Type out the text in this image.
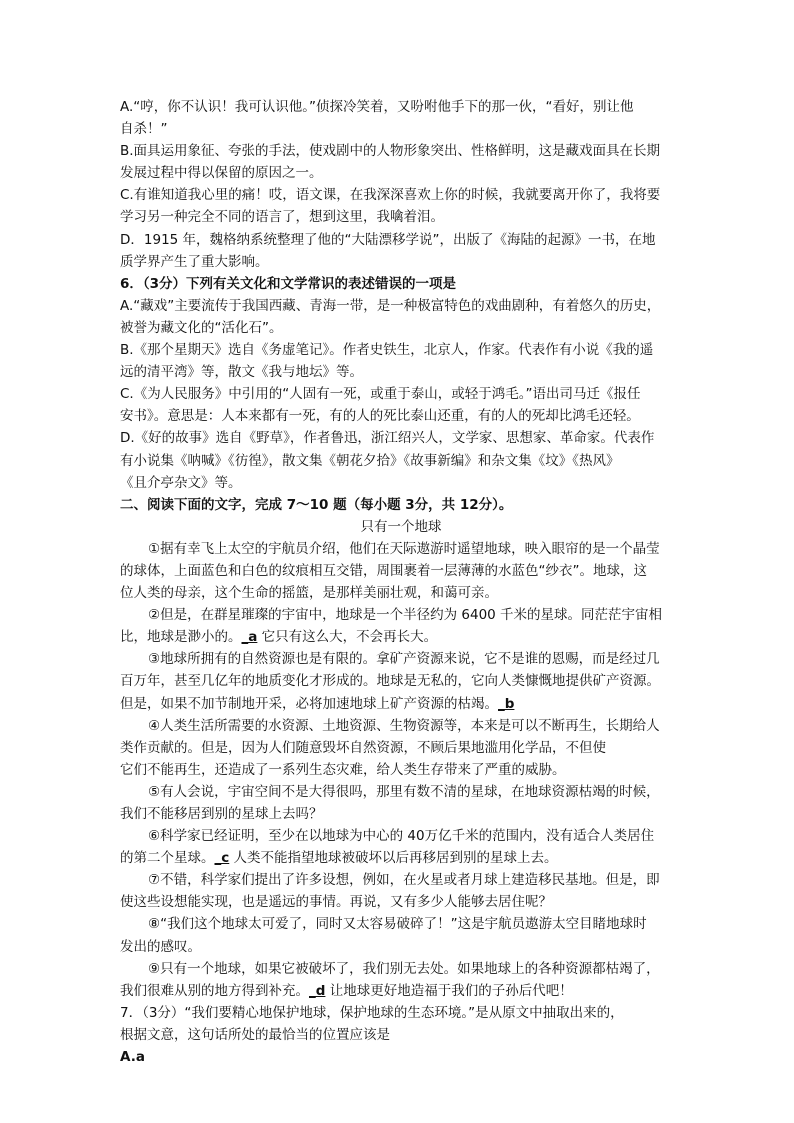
A.“哼，你不认识！我可认识他。”侦探冷笑着，又吩咐他手下的那一伙，“看好，别让他
自杀！”
B.面具运用象征、夸张的手法，使戏剧中的人物形象突出、性格鲜明，这是藏戏面具在长期
发展过程中得以保留的原因之一。
C.有谁知道我心里的痛！哎，语文课，在我深深喜欢上你的时候，我就要离开你了，我将要
学习另一种完全不同的语言了，想到这里，我噙着泪。
D．1915 年，魏格纳系统整理了他的“大陆漂移学说”，出版了《海陆的起源》一书，在地
质学界产生了重大影响。
6．（3分）下列有关文化和文学常识的表述错误的一项是
A.“藏戏”主要流传于我国西藏、青海一带，是一种极富特色的戏曲剧种，有着悠久的历史，
被誉为藏文化的“活化石”。
B.《那个星期天》选自《务虚笔记》。作者史铁生，北京人，作家。代表作有小说《我的遥
远的清平湾》等，散文《我与地坛》等。
C.《为人民服务》中引用的“人固有一死，或重于泰山，或轻于鸿毛。”语出司马迁《报任
安书》。意思是：人本来都有一死，有的人的死比泰山还重，有的人的死却比鸿毛还轻。
D.《好的故事》选自《野草》，作者鲁迅，浙江绍兴人，文学家、思想家、革命家。代表作
有小说集《呐喊》《彷徨》，散文集《朝花夕拾》《故事新编》和杂文集《坟》《热风》
《且介亭杂文》等。
二、阅读下面的文字，完成 7～10 题（每小题 3分，共 12分）。
只有一个地球
①据有幸飞上太空的宇航员介绍，他们在天际遨游时遥望地球，映入眼帘的是一个晶莹
的球体，上面蓝色和白色的纹痕相互交错，周围裹着一层薄薄的水蓝色“纱衣”。地球，这
位人类的母亲，这个生命的摇篮，是那样美丽壮观，和蔼可亲。
②但是，在群星璀璨的宇宙中，地球是一个半径约为 6400 千米的星球。同茫茫宇宙相
比，地球是渺小的。_a 它只有这么大，不会再长大。
③地球所拥有的自然资源也是有限的。拿矿产资源来说，它不是谁的恩赐，而是经过几
百万年，甚至几亿年的地质变化才形成的。地球是无私的，它向人类慷慨地提供矿产资源。
但是，如果不加节制地开采，必将加速地球上矿产资源的枯竭。_b
④人类生活所需要的水资源、土地资源、生物资源等，本来是可以不断再生，长期给人
类作贡献的。但是，因为人们随意毁坏自然资源，不顾后果地滥用化学品，不但使
它们不能再生，还造成了一系列生态灾难，给人类生存带来了严重的威胁。
⑤有人会说，宇宙空间不是大得很吗，那里有数不清的星球，在地球资源枯竭的时候，
我们不能移居到别的星球上去吗？
⑥科学家已经证明，至少在以地球为中心的 40万亿千米的范围内，没有适合人类居住
的第二个星球。_c 人类不能指望地球被破坏以后再移居到别的星球上去。
⑦不错，科学家们提出了许多设想，例如，在火星或者月球上建造移民基地。但是，即
使这些设想能实现，也是遥远的事情。再说，又有多少人能够去居住呢？
⑧“我们这个地球太可爱了，同时又太容易破碎了！”这是宇航员遨游太空目睹地球时
发出的感叹。
⑨只有一个地球，如果它被破坏了，我们别无去处。如果地球上的各种资源都枯竭了，
我们很难从别的地方得到补充。_d 让地球更好地造福于我们的子孙后代吧！
7．（3分）“我们要精心地保护地球，保护地球的生态环境。”是从原文中抽取出来的，
根据文意，这句话所处的最恰当的位置应该是
A.a
